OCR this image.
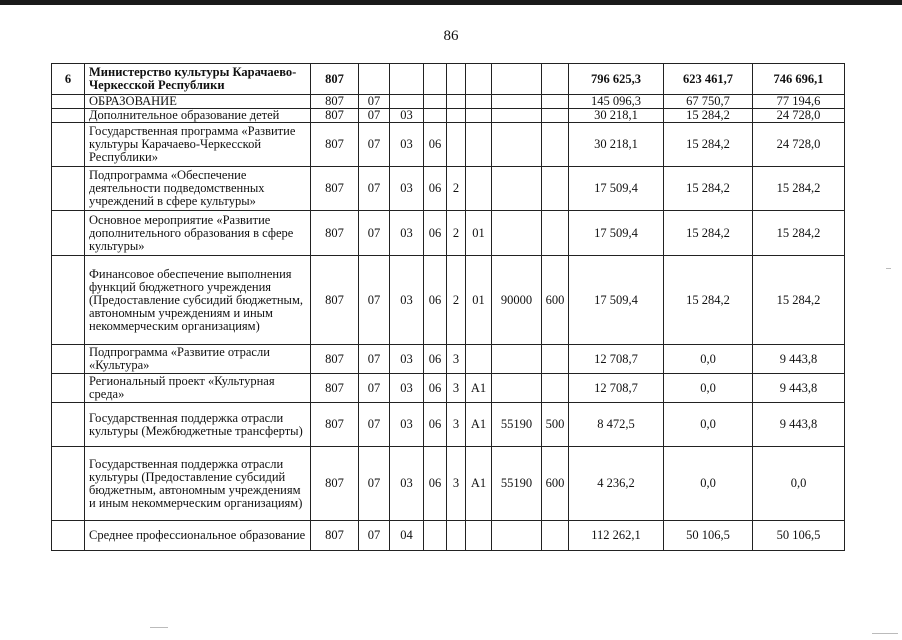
86
6	Министерство культуры Карачаево-Черкесской Республики	807								796 625,3	623 461,7	746 696,1
	ОБРАЗОВАНИЕ	807	07							145 096,3	67 750,7	77 194,6
	Дополнительное образование детей	807	07	03						30 218,1	15 284,2	24 728,0
	Государственная программа «Развитие культуры Карачаево-Черкесской Республики»	807	07	03	06					30 218,1	15 284,2	24 728,0
	Подпрограмма «Обеспечение деятельности подведомственных учреждений в сфере культуры»	807	07	03	06	2				17 509,4	15 284,2	15 284,2
	Основное мероприятие «Развитие дополнительного образования в сфере культуры»	807	07	03	06	2	01			17 509,4	15 284,2	15 284,2
	Финансовое обеспечение выполнения функций бюджетного учреждения (Предоставление субсидий бюджетным, автономным учреждениям и иным некоммерческим организациям)	807	07	03	06	2	01	90000	600	17 509,4	15 284,2	15 284,2
	Подпрограмма «Развитие отрасли «Культура»	807	07	03	06	3				12 708,7	0,0	9 443,8
	Региональный проект «Культурная среда»	807	07	03	06	3	A1			12 708,7	0,0	9 443,8
	Государственная поддержка отрасли культуры (Межбюджетные трансферты)	807	07	03	06	3	A1	55190	500	8 472,5	0,0	9 443,8
	Государственная поддержка отрасли культуры (Предоставление субсидий бюджетным, автономным учреждениям и иным некоммерческим организациям)	807	07	03	06	3	A1	55190	600	4 236,2	0,0	0,0
	Среднее профессиональное образование	807	07	04						112 262,1	50 106,5	50 106,5
